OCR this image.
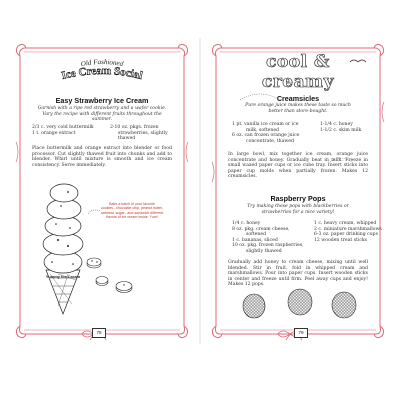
Old Fashioned
Ice Cream Social
Easy Strawberry Ice Cream
Garnish with a ripe red strawberry and a wafer cookie. Vary the recipe with different fruits throughout the summer.
2/3 c. very cold buttermilk
1 t. orange extract
2-10 oz. pkgs. frozen
strawberries, slightly
thawed
Place buttermilk and orange extract into blender or food processor. Cut slightly thawed fruit into chunks and add to blender. Whirl until mixture is smooth and ice cream consistency. Serve immediately.
Yummy Ice Cream
Bake a batch of your favorite cookies...chocolate chip, peanut butter, oatmeal, sugar...and sandwich different flavors of ice cream inside. Yum!
78
cool & creamy
Creamsicles
Pure orange juice makes these taste so much better than store-bought.
1 pt. vanilla ice cream or ice
milk, softened
6 oz. can frozen orange juice
concentrate, thawed
1-1/4 c. honey
1-1/2 c. skim milk
In large bowl, mix together ice cream, orange juice concentrate and honey. Gradually beat in milk. Freeze in small waxed paper cups or ice cube tray. Insert sticks into paper cup molds when partially frozen. Makes 12 creamsicles.
Raspberry Pops
Try making these pops with blackberries or strawberries for a nice variety!
1/4 c. honey
8 oz. pkg. cream cheese,
softened
1 c. bananas, sliced
10 oz. pkg. frozen raspberries,
slightly thawed
1 c. heavy cream, whipped
2 c. miniature marshmallows
6-3 oz. paper drinking cups
12 wooden treat sticks
Gradually add honey to cream cheese, mixing until well blended. Stir in fruit, fold in whipped cream and marshmallows. Pour into paper cups. Insert wooden sticks in center and freeze until firm. Peel away cups and enjoy! Makes 12 pops.
79
